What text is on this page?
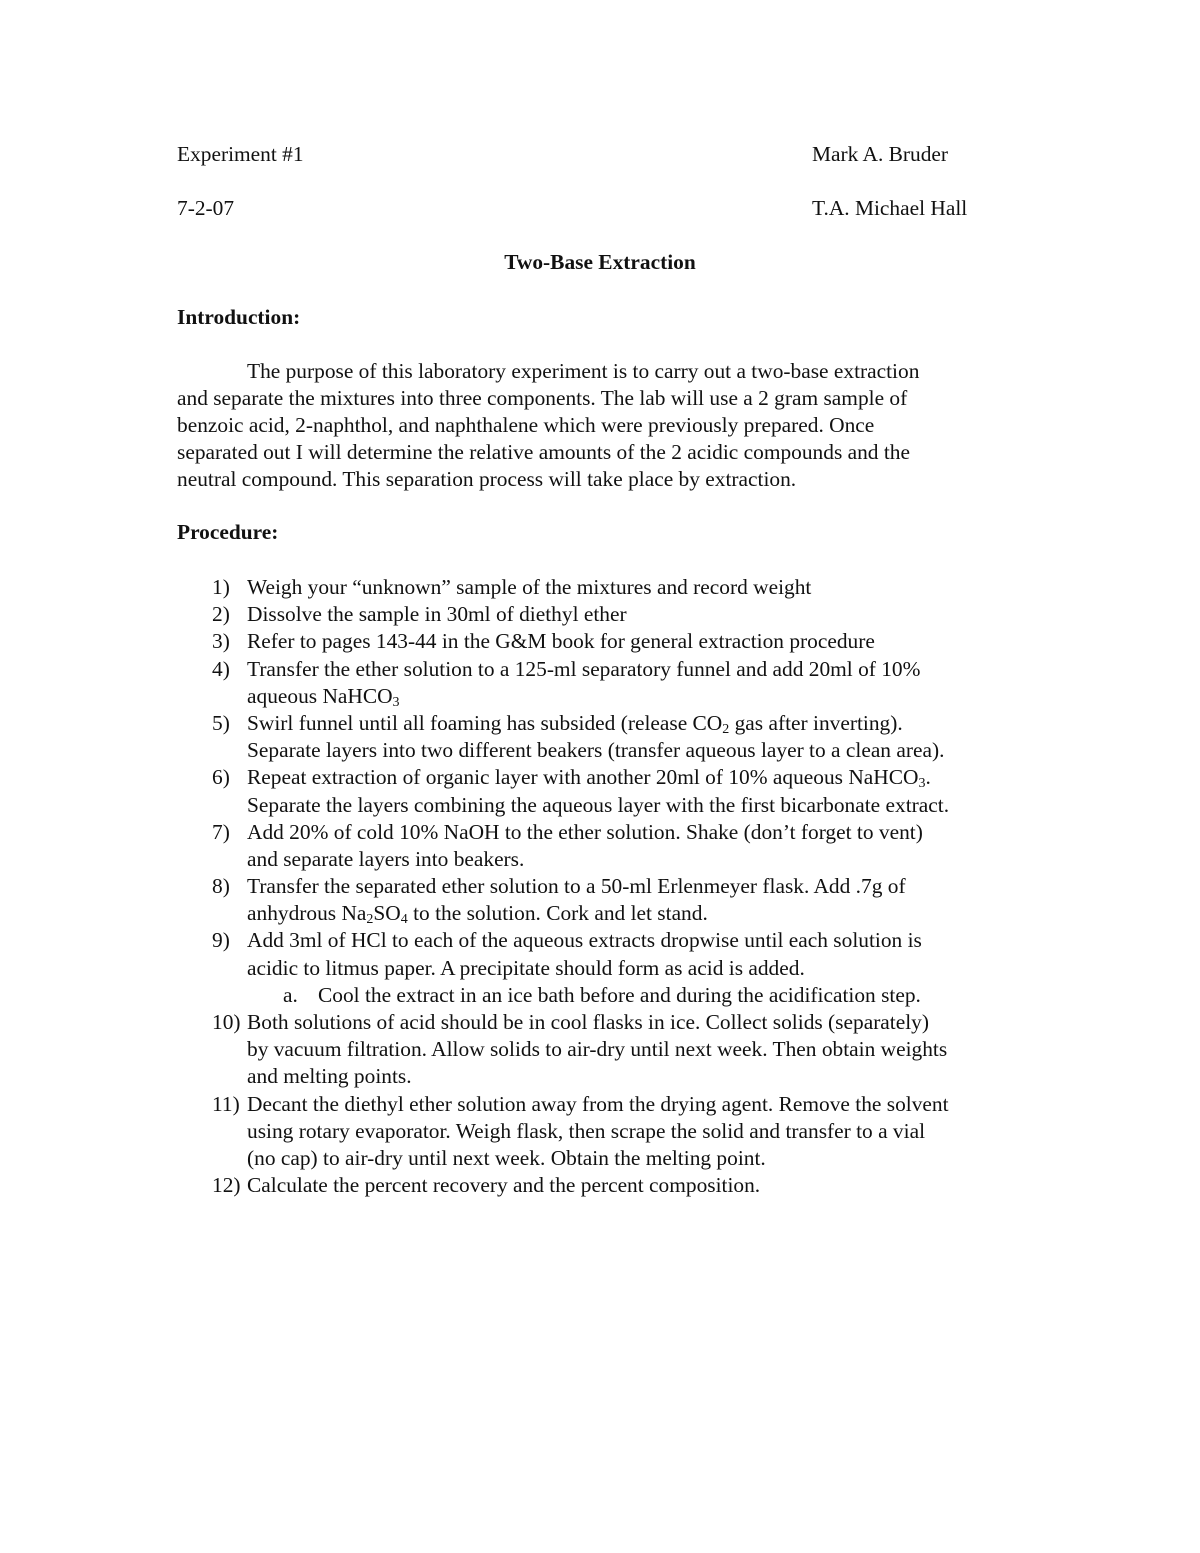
Experiment #1	Mark A. Bruder
7-2-07	T.A. Michael Hall
Two-Base Extraction
Introduction:
The purpose of this laboratory experiment is to carry out a two-base extraction
and separate the mixtures into three components. The lab will use a 2 gram sample of
benzoic acid, 2-naphthol, and naphthalene which were previously prepared. Once
separated out I will determine the relative amounts of the 2 acidic compounds and the
neutral compound. This separation process will take place by extraction.
Procedure:
1) Weigh your “unknown” sample of the mixtures and record weight
2) Dissolve the sample in 30ml of diethyl ether
3) Refer to pages 143-44 in the G&M book for general extraction procedure
4) Transfer the ether solution to a 125-ml separatory funnel and add 20ml of 10%
aqueous NaHCO$_3$
5) Swirl funnel until all foaming has subsided (release $CO_2$ gas after inverting).
Separate layers into two different beakers (transfer aqueous layer to a clean area).
6) Repeat extraction of organic layer with another 20ml of 10% aqueous NaHCO$_3$.
Separate the layers combining the aqueous layer with the first bicarbonate extract.
7) Add 20% of cold 10% NaOH to the ether solution. Shake (don’t forget to vent)
and separate layers into beakers.
8) Transfer the separated ether solution to a 50-ml Erlenmeyer flask. Add .7g of
anhydrous $Na_2SO_4$ to the solution. Cork and let stand.
9) Add 3ml of HCl to each of the aqueous extracts dropwise until each solution is
acidic to litmus paper. A precipitate should form as acid is added.
a. Cool the extract in an ice bath before and during the acidification step.
10) Both solutions of acid should be in cool flasks in ice. Collect solids (separately)
by vacuum filtration. Allow solids to air-dry until next week. Then obtain weights
and melting points.
11) Decant the diethyl ether solution away from the drying agent. Remove the solvent
using rotary evaporator. Weigh flask, then scrape the solid and transfer to a vial
(no cap) to air-dry until next week. Obtain the melting point.
12) Calculate the percent recovery and the percent composition.
